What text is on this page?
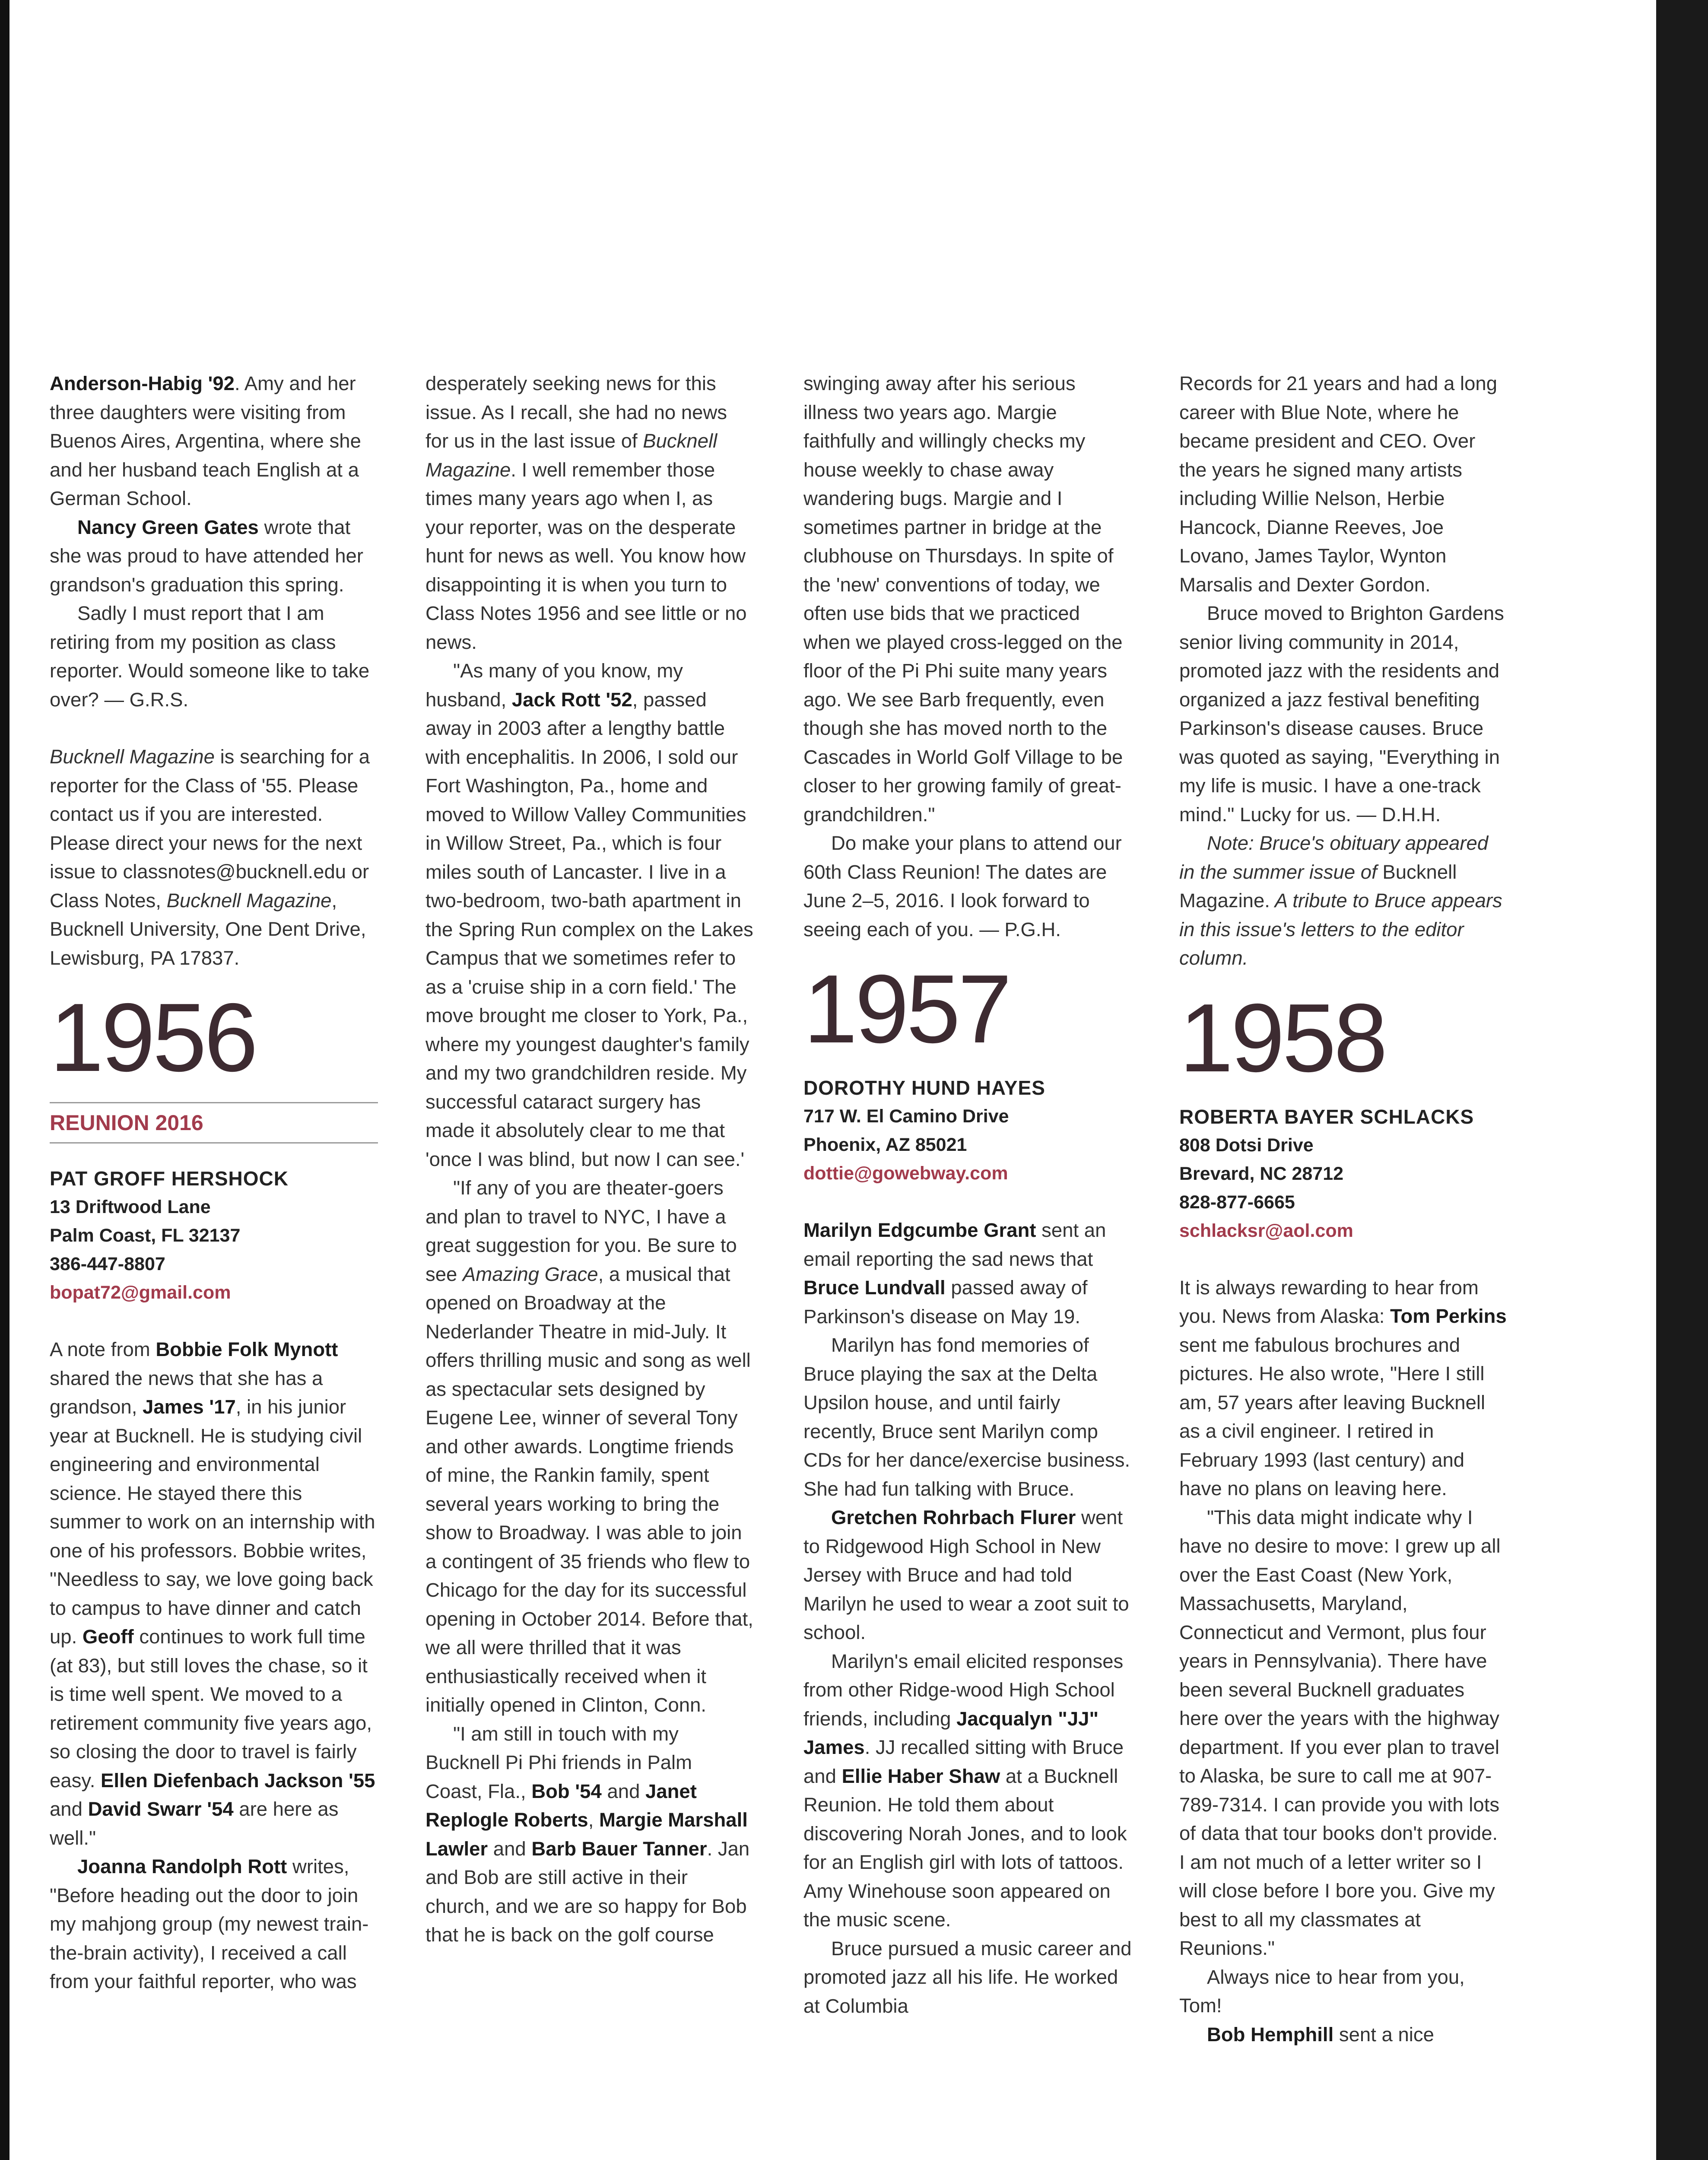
Anderson-Habig '92. Amy and her three daughters were visiting from Buenos Aires, Argentina, where she and her husband teach English at a German School.

Nancy Green Gates wrote that she was proud to have attended her grandson's graduation this spring.

Sadly I must report that I am retiring from my position as class reporter. Would someone like to take over? — G.R.S.

Bucknell Magazine is searching for a reporter for the Class of '55. Please contact us if you are interested. Please direct your news for the next issue to classnotes@bucknell.edu or Class Notes, Bucknell Magazine, Bucknell University, One Dent Drive, Lewisburg, PA 17837.

1956
REUNION 2016
PAT GROFF HERSHOCK
13 Driftwood Lane
Palm Coast, FL 32137
386-447-8807
bopat72@gmail.com

A note from Bobbie Folk Mynott shared the news that she has a grandson, James '17, in his junior year at Bucknell. He is studying civil engineering and environmental science. He stayed there this summer to work on an internship with one of his professors. Bobbie writes, "Needless to say, we love going back to campus to have dinner and catch up. Geoff continues to work full time (at 83), but still loves the chase, so it is time well spent. We moved to a retirement community five years ago, so closing the door to travel is fairly easy. Ellen Diefenbach Jackson '55 and David Swarr '54 are here as well."

Joanna Randolph Rott writes, "Before heading out the door to join my mahjong group (my newest train-the-brain activity), I received a call from your faithful reporter, who was

desperately seeking news for this issue. As I recall, she had no news for us in the last issue of Bucknell Magazine. I well remember those times many years ago when I, as your reporter, was on the desperate hunt for news as well. You know how disappointing it is when you turn to Class Notes 1956 and see little or no news.

"As many of you know, my husband, Jack Rott '52, passed away in 2003 after a lengthy battle with encephalitis. In 2006, I sold our Fort Washington, Pa., home and moved to Willow Valley Communities in Willow Street, Pa., which is four miles south of Lancaster. I live in a two-bedroom, two-bath apartment in the Spring Run complex on the Lakes Campus that we sometimes refer to as a 'cruise ship in a corn field.' The move brought me closer to York, Pa., where my youngest daughter's family and my two grandchildren reside. My successful cataract surgery has made it absolutely clear to me that 'once I was blind, but now I can see.'

"If any of you are theater-goers and plan to travel to NYC, I have a great suggestion for you. Be sure to see Amazing Grace, a musical that opened on Broadway at the Nederlander Theatre in mid-July. It offers thrilling music and song as well as spectacular sets designed by Eugene Lee, winner of several Tony and other awards. Longtime friends of mine, the Rankin family, spent several years working to bring the show to Broadway. I was able to join a contingent of 35 friends who flew to Chicago for the day for its successful opening in October 2014. Before that, we all were thrilled that it was enthusiastically received when it initially opened in Clinton, Conn.

"I am still in touch with my Bucknell Pi Phi friends in Palm Coast, Fla., Bob '54 and Janet Replogle Roberts, Margie Marshall Lawler and Barb Bauer Tanner. Jan and Bob are still active in their church, and we are so happy for Bob that he is back on the golf course

swinging away after his serious illness two years ago. Margie faithfully and willingly checks my house weekly to chase away wandering bugs. Margie and I sometimes partner in bridge at the clubhouse on Thursdays. In spite of the 'new' conventions of today, we often use bids that we practiced when we played cross-legged on the floor of the Pi Phi suite many years ago. We see Barb frequently, even though she has moved north to the Cascades in World Golf Village to be closer to her growing family of great-grandchildren."

Do make your plans to attend our 60th Class Reunion! The dates are June 2–5, 2016. I look forward to seeing each of you. — P.G.H.

1957
DOROTHY HUND HAYES
717 W. El Camino Drive
Phoenix, AZ 85021
dottie@gowebway.com

Marilyn Edgcumbe Grant sent an email reporting the sad news that Bruce Lundvall passed away of Parkinson's disease on May 19.

Marilyn has fond memories of Bruce playing the sax at the Delta Upsilon house, and until fairly recently, Bruce sent Marilyn comp CDs for her dance/exercise business. She had fun talking with Bruce.

Gretchen Rohrbach Flurer went to Ridgewood High School in New Jersey with Bruce and had told Marilyn he used to wear a zoot suit to school.

Marilyn's email elicited responses from other Ridge-wood High School friends, including Jacqualyn "JJ" James. JJ recalled sitting with Bruce and Ellie Haber Shaw at a Bucknell Reunion. He told them about discovering Norah Jones, and to look for an English girl with lots of tattoos. Amy Winehouse soon appeared on the music scene.

Bruce pursued a music career and promoted jazz all his life. He worked at Columbia

Records for 21 years and had a long career with Blue Note, where he became president and CEO. Over the years he signed many artists including Willie Nelson, Herbie Hancock, Dianne Reeves, Joe Lovano, James Taylor, Wynton Marsalis and Dexter Gordon.

Bruce moved to Brighton Gardens senior living community in 2014, promoted jazz with the residents and organized a jazz festival benefiting Parkinson's disease causes. Bruce was quoted as saying, "Everything in my life is music. I have a one-track mind." Lucky for us. — D.H.H.

Note: Bruce's obituary appeared in the summer issue of Bucknell Magazine. A tribute to Bruce appears in this issue's letters to the editor column.

1958
ROBERTA BAYER SCHLACKS
808 Dotsi Drive
Brevard, NC 28712
828-877-6665
schlacksr@aol.com

It is always rewarding to hear from you. News from Alaska: Tom Perkins sent me fabulous brochures and pictures. He also wrote, "Here I still am, 57 years after leaving Bucknell as a civil engineer. I retired in February 1993 (last century) and have no plans on leaving here.

"This data might indicate why I have no desire to move: I grew up all over the East Coast (New York, Massachusetts, Maryland, Connecticut and Vermont, plus four years in Pennsylvania). There have been several Bucknell graduates here over the years with the highway department. If you ever plan to travel to Alaska, be sure to call me at 907-789-7314. I can provide you with lots of data that tour books don't provide. I am not much of a letter writer so I will close before I bore you. Give my best to all my classmates at Reunions."

Always nice to hear from you, Tom!

Bob Hemphill sent a nice
